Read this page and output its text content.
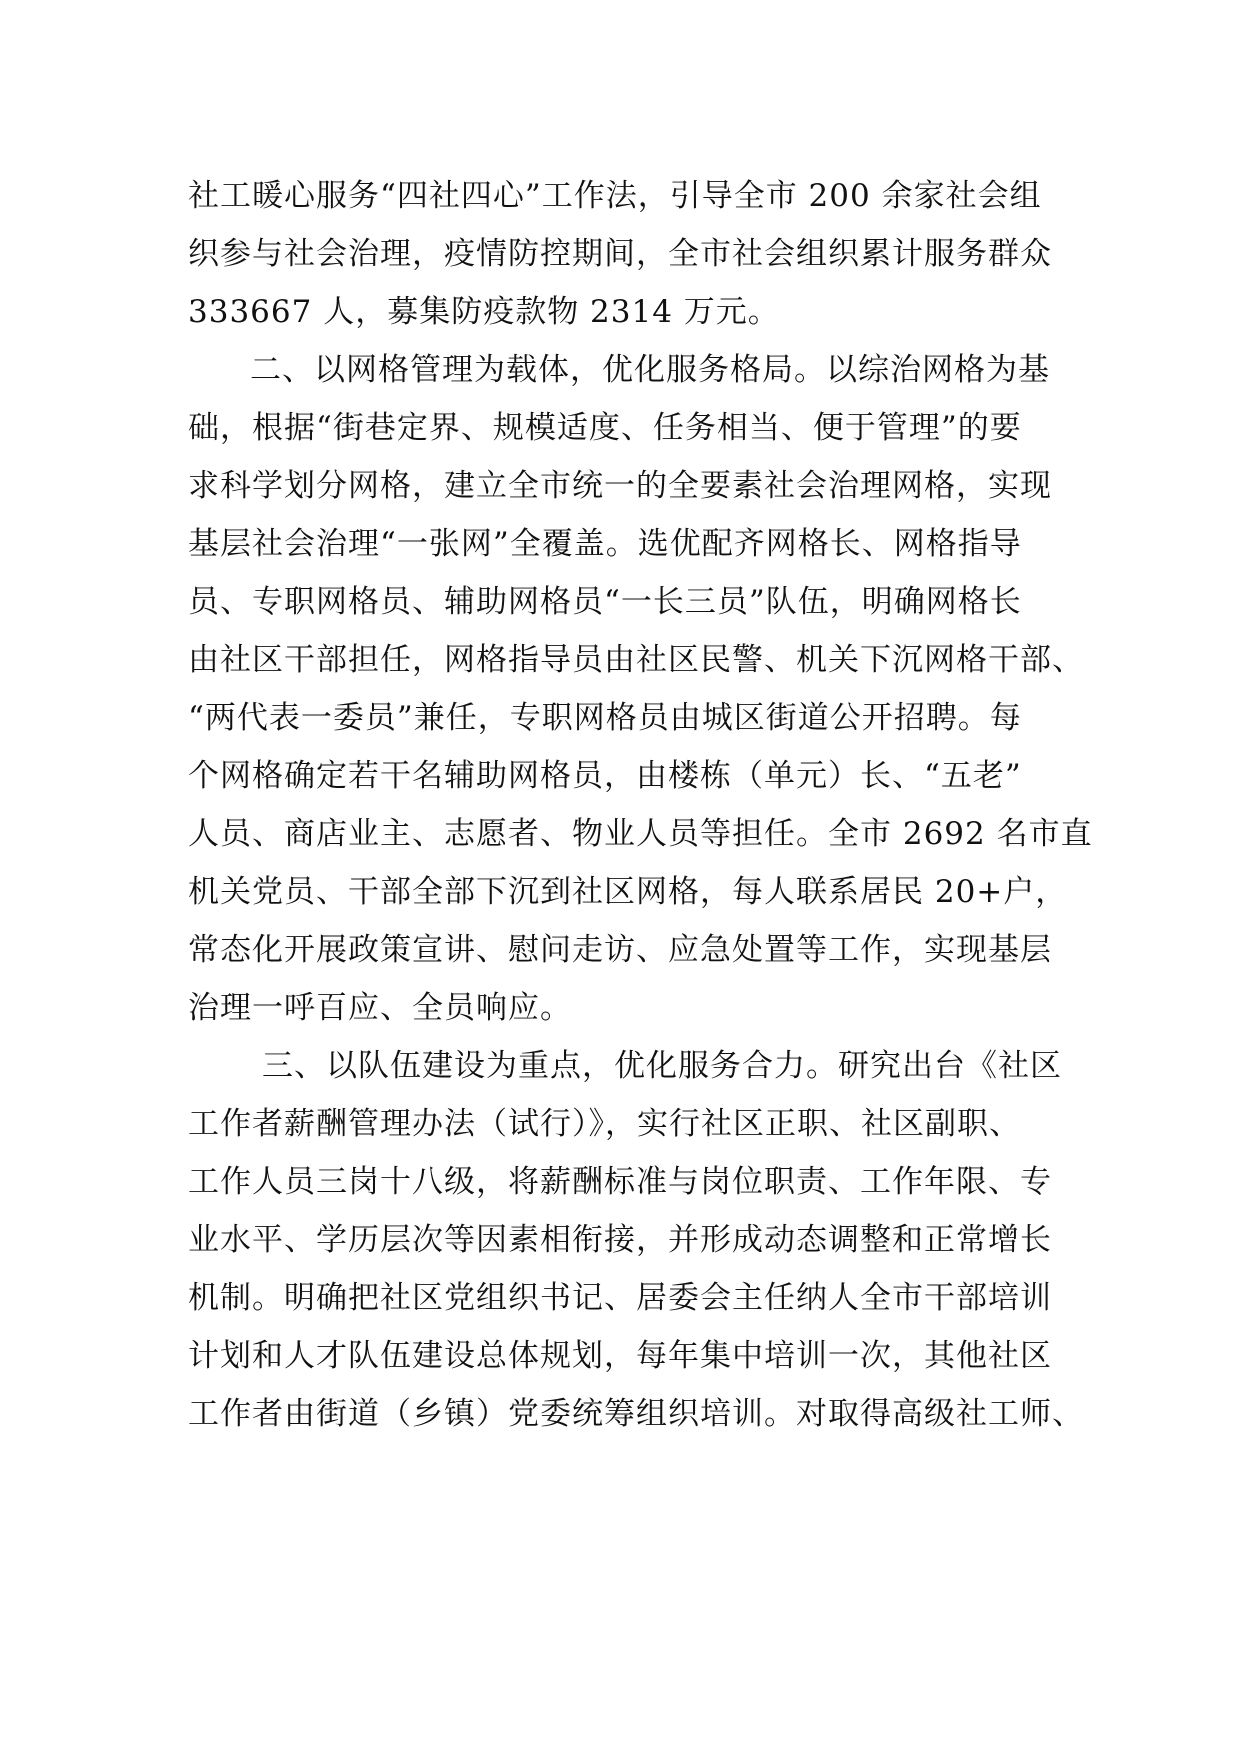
社工暖心服务“四社四心”工作法，引导全市 200 余家社会组

织参与社会治理，疫情防控期间，全市社会组织累计服务群众

333667 人，募集防疫款物 2314 万元。

二、以网格管理为载体，优化服务格局。以综治网格为基

础，根据“街巷定界、规模适度、任务相当、便于管理”的要

求科学划分网格，建立全市统一的全要素社会治理网格，实现

基层社会治理“一张网”全覆盖。选优配齐网格长、网格指导

员、专职网格员、辅助网格员“一长三员”队伍，明确网格长

由社区干部担任，网格指导员由社区民警、机关下沉网格干部、

“两代表一委员”兼任，专职网格员由城区街道公开招聘。每

个网格确定若干名辅助网格员，由楼栋（单元）长、“五老”

人员、商店业主、志愿者、物业人员等担任。全市 2692 名市直

机关党员、干部全部下沉到社区网格，每人联系居民 20+户，

常态化开展政策宣讲、慰问走访、应急处置等工作，实现基层

治理一呼百应、全员响应。

三、以队伍建设为重点，优化服务合力。研究出台《社区

工作者薪酬管理办法（试行）》，实行社区正职、社区副职、

工作人员三岗十八级，将薪酬标准与岗位职责、工作年限、专

业水平、学历层次等因素相衔接，并形成动态调整和正常增长

机制。明确把社区党组织书记、居委会主任纳人全市干部培训

计划和人才队伍建设总体规划，每年集中培训一次，其他社区

工作者由街道（乡镇）党委统筹组织培训。对取得高级社工师、
